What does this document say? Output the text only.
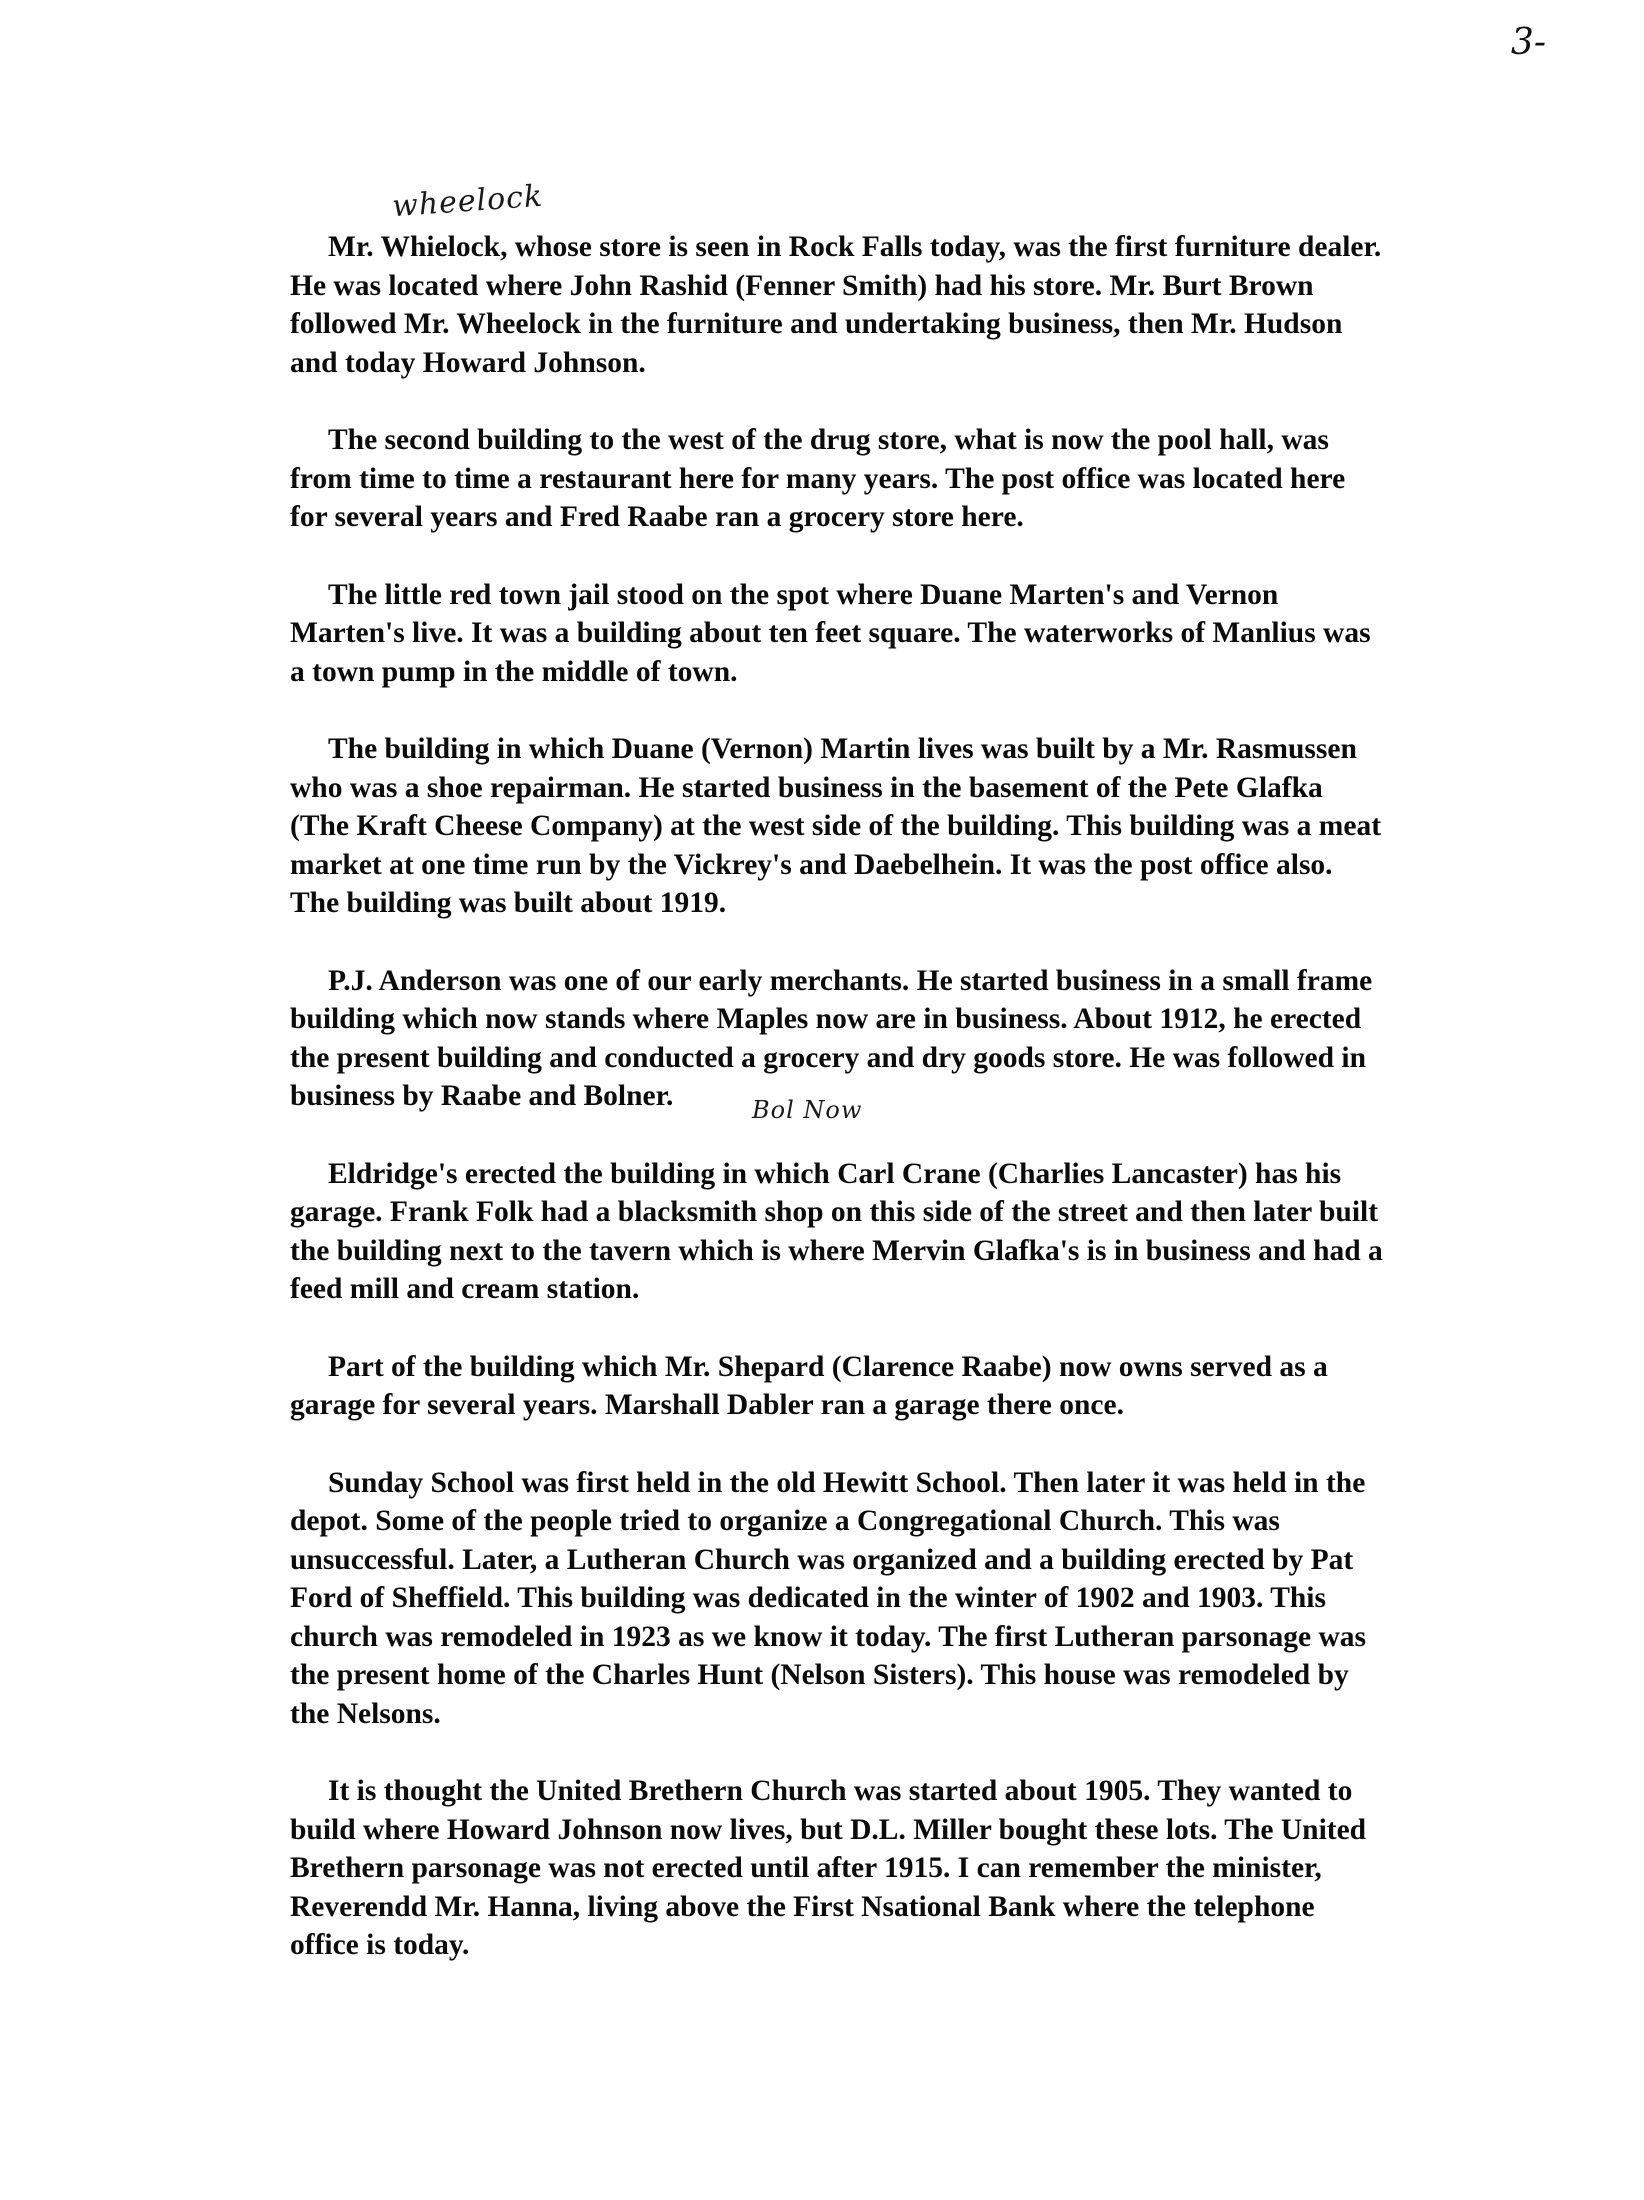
3-
wheelock
Bol Now
Mr. Whielock, whose store is seen in Rock Falls today, was the first furniture dealer.
He was located where John Rashid (Fenner Smith) had his store. Mr. Burt Brown
followed Mr. Wheelock in the furniture and undertaking business, then Mr. Hudson
and today Howard Johnson.
The second building to the west of the drug store, what is now the pool hall, was
from time to time a restaurant here for many years. The post office was located here
for several years and Fred Raabe ran a grocery store here.
The little red town jail stood on the spot where Duane Marten's and Vernon
Marten's live. It was a building about ten feet square. The waterworks of Manlius was
a town pump in the middle of town.
The building in which Duane (Vernon) Martin lives was built by a Mr. Rasmussen
who was a shoe repairman. He started business in the basement of the Pete Glafka
(The Kraft Cheese Company) at the west side of the building. This building was a meat
market at one time run by the Vickrey's and Daebelhein. It was the post office also.
The building was built about 1919.
P.J. Anderson was one of our early merchants. He started business in a small frame
building which now stands where Maples now are in business. About 1912, he erected
the present building and conducted a grocery and dry goods store. He was followed in
business by Raabe and Bolner.
Eldridge's erected the building in which Carl Crane (Charlies Lancaster) has his
garage. Frank Folk had a blacksmith shop on this side of the street and then later built
the building next to the tavern which is where Mervin Glafka's is in business and had a
feed mill and cream station.
Part of the building which Mr. Shepard (Clarence Raabe) now owns served as a
garage for several years. Marshall Dabler ran a garage there once.
Sunday School was first held in the old Hewitt School. Then later it was held in the
depot. Some of the people tried to organize a Congregational Church. This was
unsuccessful. Later, a Lutheran Church was organized and a building erected by Pat
Ford of Sheffield. This building was dedicated in the winter of 1902 and 1903. This
church was remodeled in 1923 as we know it today. The first Lutheran parsonage was
the present home of the Charles Hunt (Nelson Sisters). This house was remodeled by
the Nelsons.
It is thought the United Brethern Church was started about 1905. They wanted to
build where Howard Johnson now lives, but D.L. Miller bought these lots. The United
Brethern parsonage was not erected until after 1915. I can remember the minister,
Reverendd Mr. Hanna, living above the First Nsational Bank where the telephone
office is today.
